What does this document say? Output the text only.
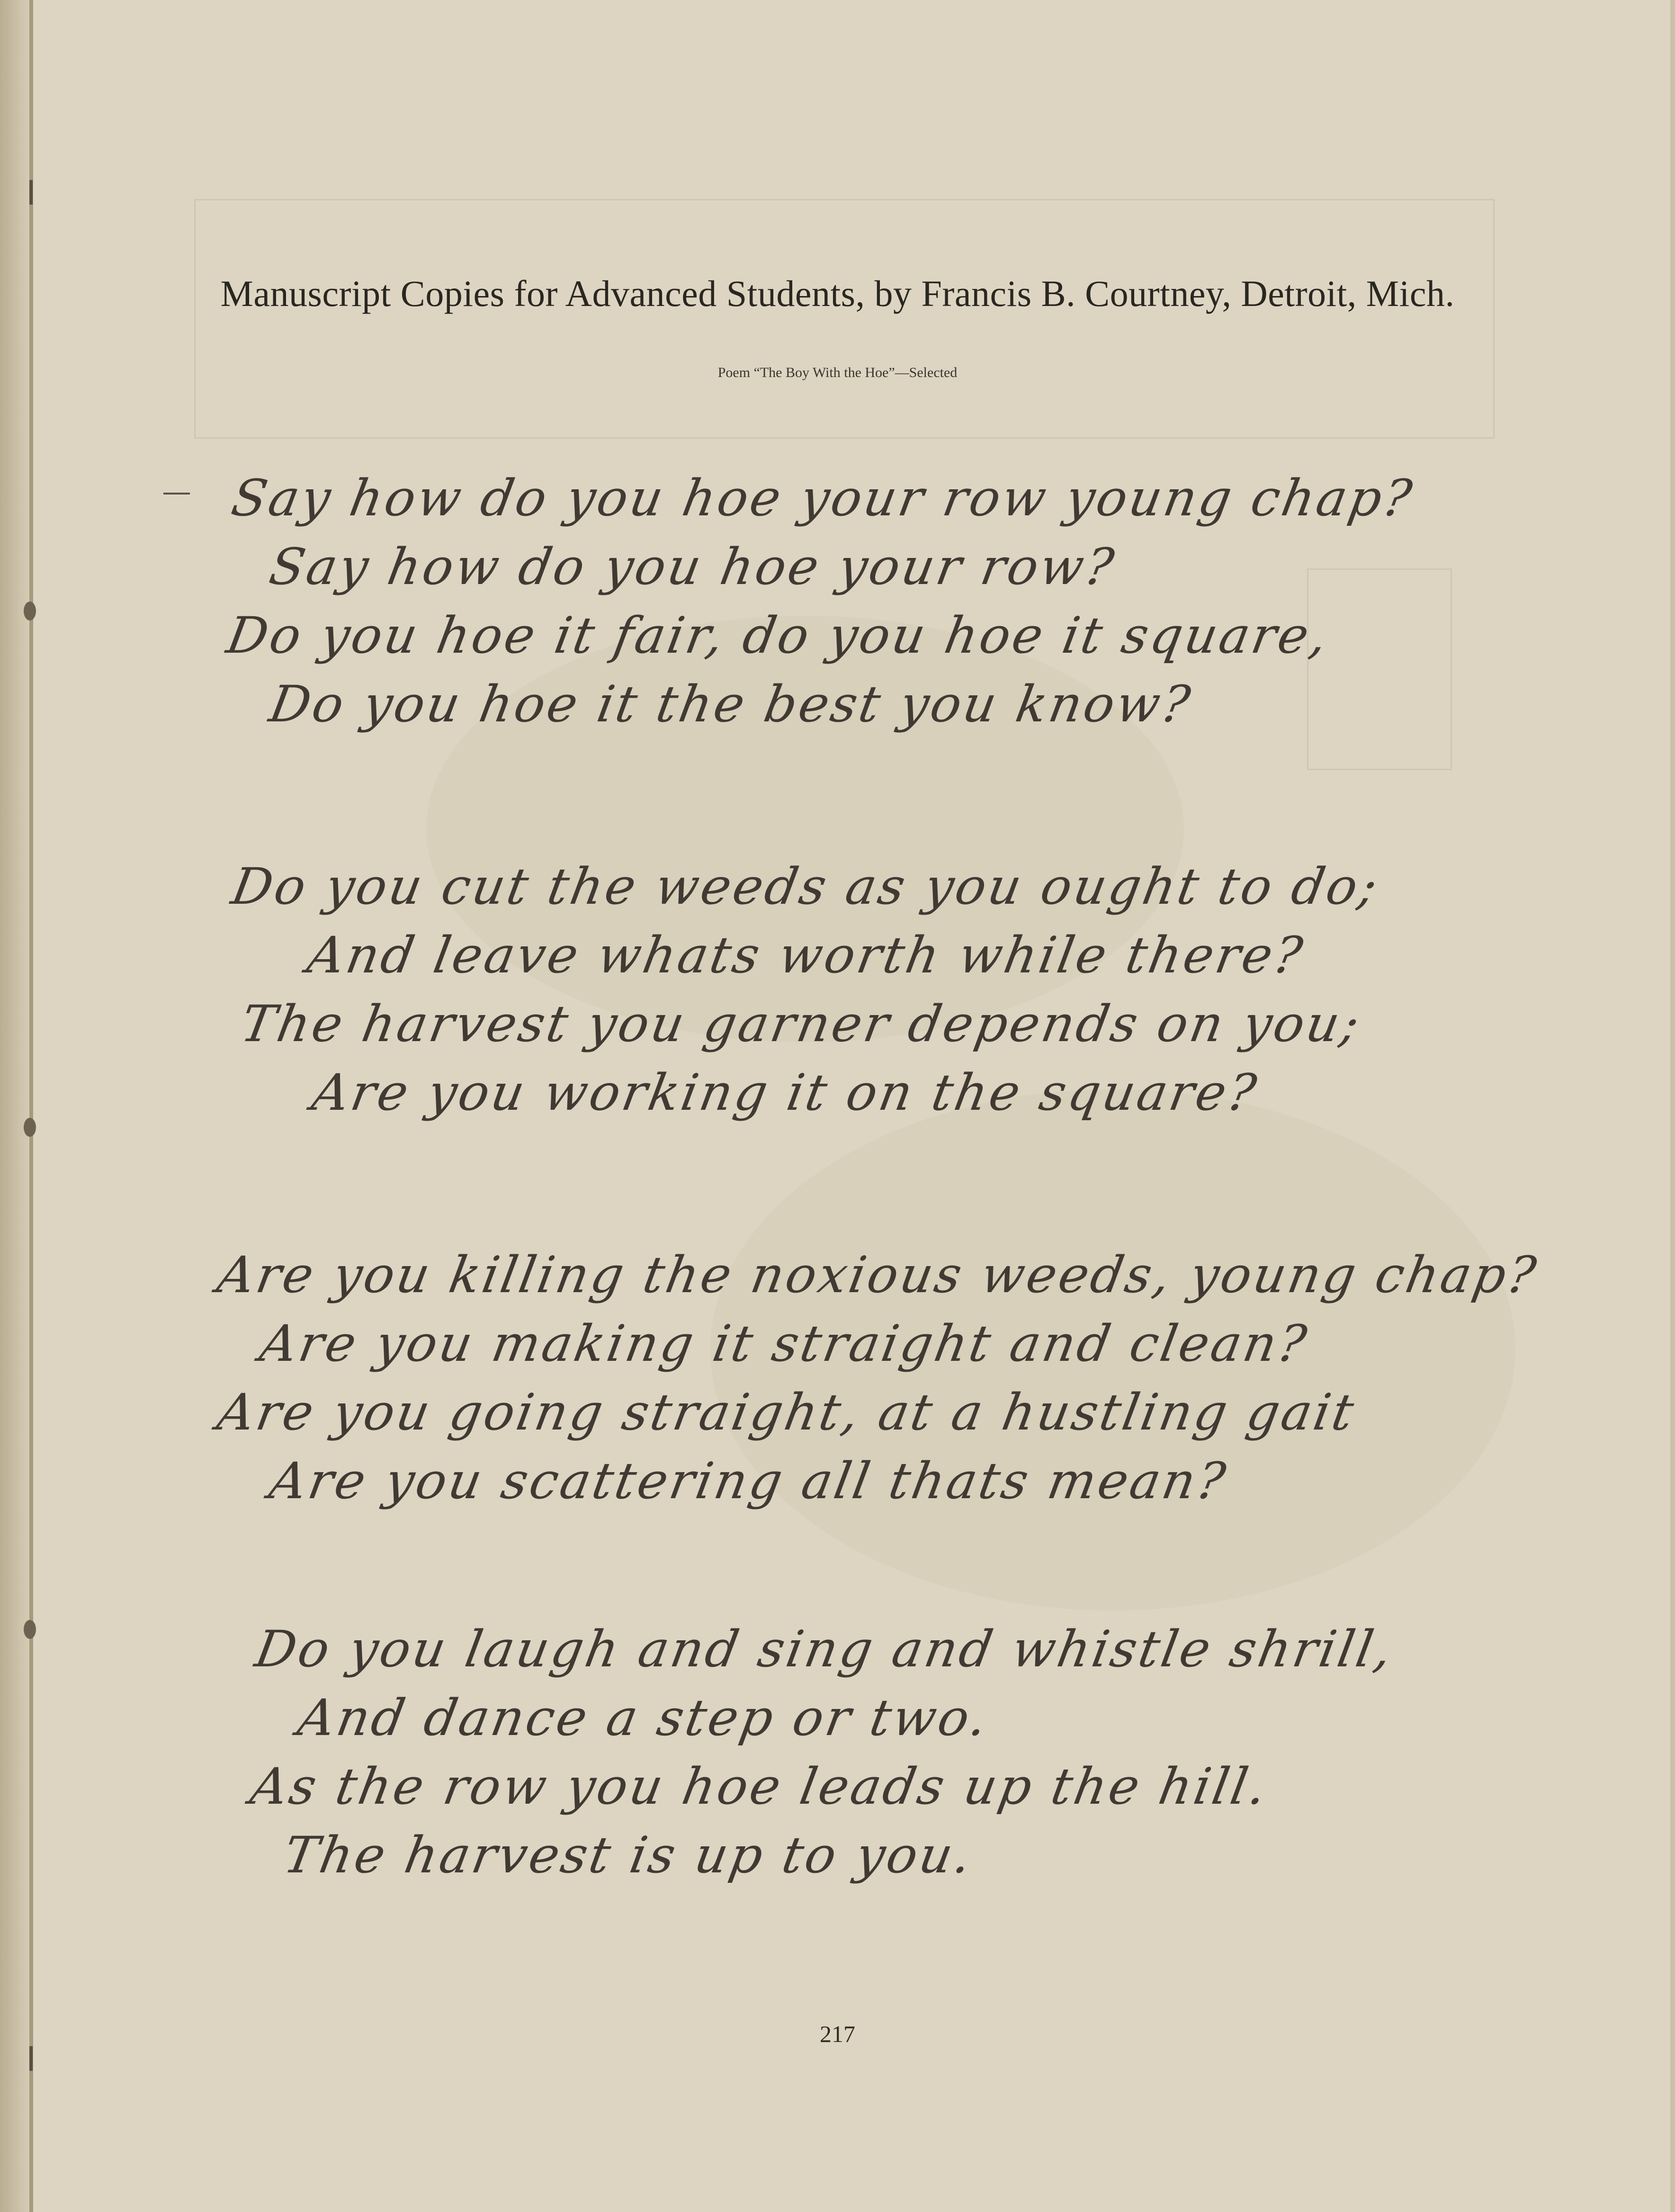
Manuscript Copies for Advanced Students, by Francis B. Courtney, Detroit, Mich.
Poem “The Boy With the Hoe”—Selected
Say how do you hoe your row young chap?
Say how do you hoe your row?
Do you hoe it fair, do you hoe it square,
Do you hoe it the best you know?
Do you cut the weeds as you ought to do;
And leave whats worth while there?
The harvest you garner depends on you;
Are you working it on the square?
Are you killing the noxious weeds, young chap?
Are you making it straight and clean?
Are you going straight, at a hustling gait
Are you scattering all thats mean?
Do you laugh and sing and whistle shrill,
And dance a step or two.
As the row you hoe leads up the hill.
The harvest is up to you.
217
